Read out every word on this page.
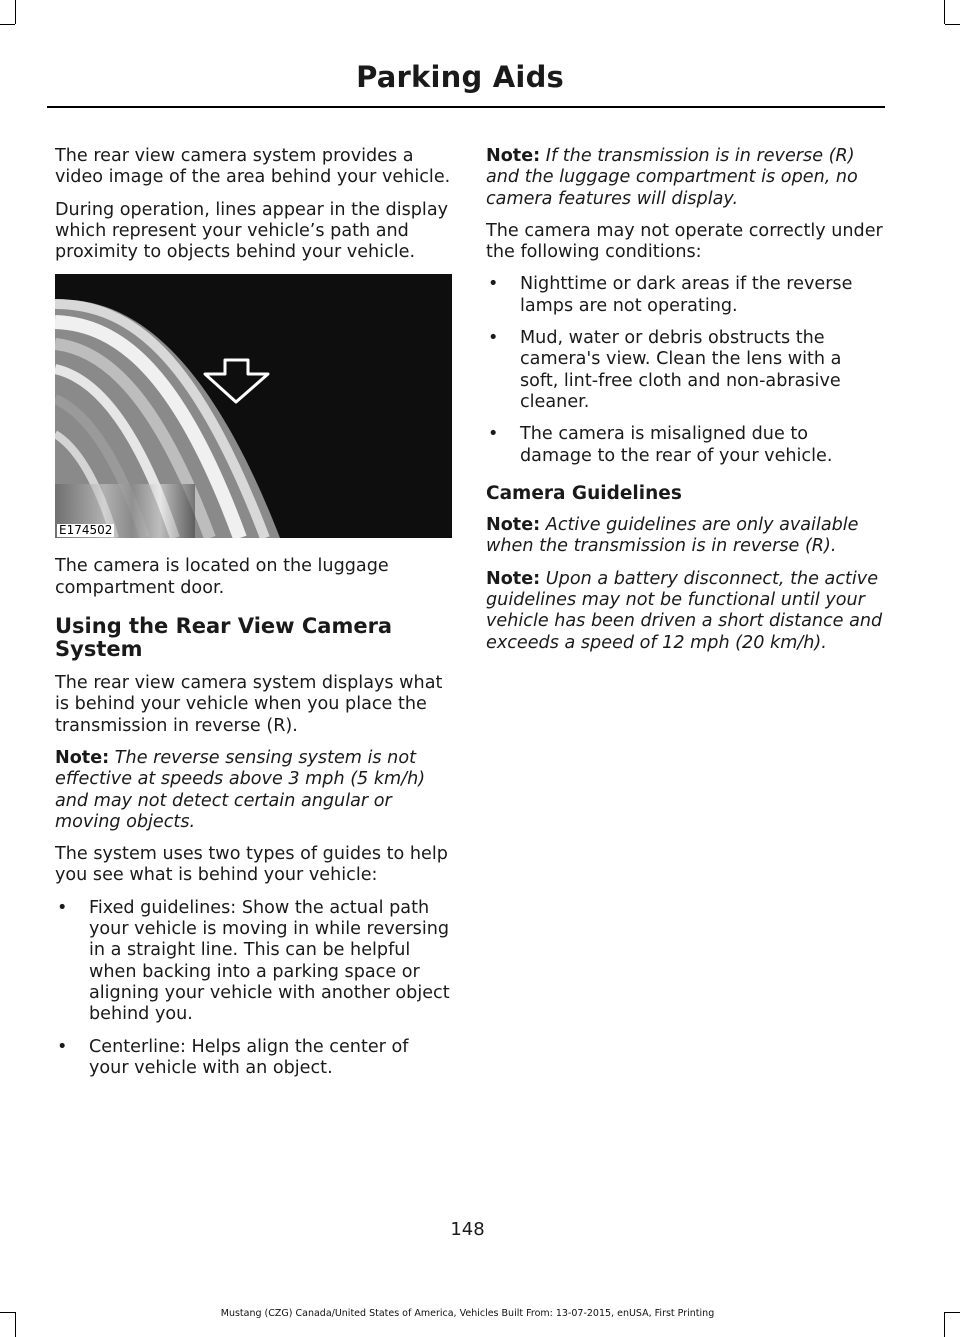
Parking Aids

The rear view camera system provides a video image of the area behind your vehicle.

During operation, lines appear in the display which represent your vehicle’s path and proximity to objects behind your vehicle.

E174502

The camera is located on the luggage compartment door.

Using the Rear View Camera System

The rear view camera system displays what is behind your vehicle when you place the transmission in reverse (R).

Note: The reverse sensing system is not effective at speeds above 3 mph (5 km/h) and may not detect certain angular or moving objects.

The system uses two types of guides to help you see what is behind your vehicle:

• Fixed guidelines: Show the actual path your vehicle is moving in while reversing in a straight line. This can be helpful when backing into a parking space or aligning your vehicle with another object behind you.
• Centerline: Helps align the center of your vehicle with an object.

Note: If the transmission is in reverse (R) and the luggage compartment is open, no camera features will display.

The camera may not operate correctly under the following conditions:

• Nighttime or dark areas if the reverse lamps are not operating.
• Mud, water or debris obstructs the camera's view. Clean the lens with a soft, lint-free cloth and non-abrasive cleaner.
• The camera is misaligned due to damage to the rear of your vehicle.
Camera Guidelines

Note: Active guidelines are only available when the transmission is in reverse (R).

Note: Upon a battery disconnect, the active guidelines may not be functional until your vehicle has been driven a short distance and exceeds a speed of 12 mph (20 km/h).

148
Mustang (CZG) Canada/United States of America, Vehicles Built From: 13-07-2015, enUSA, First Printing
